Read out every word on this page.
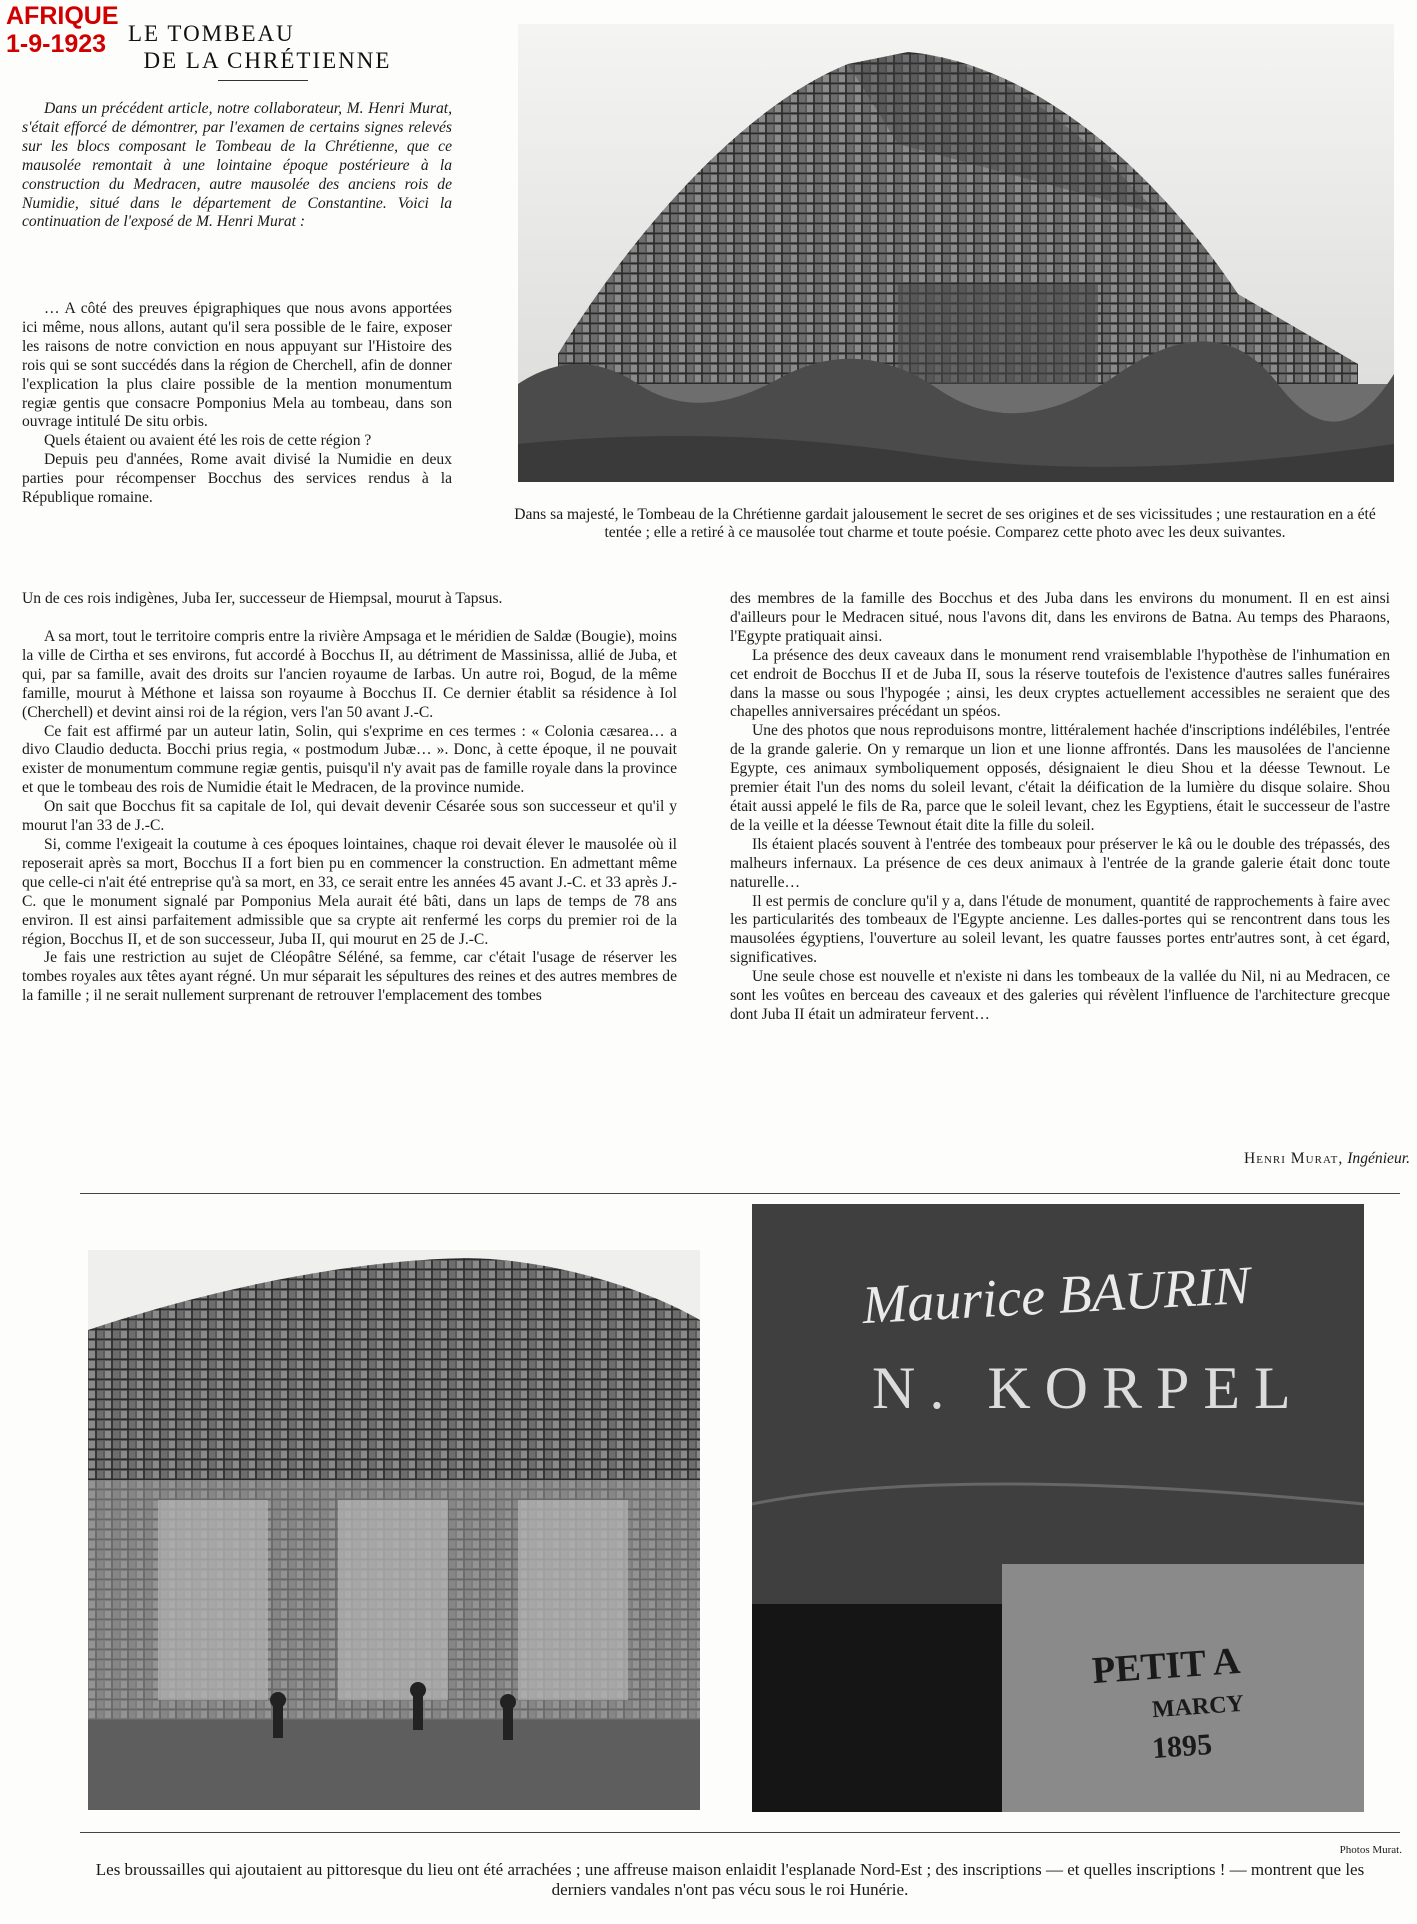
AFRIQUE
1-9-1923 LE TOMBEAU
DE LA CHRÉTIENNE

Dans un précédent article, notre collaborateur, M. Henri Murat, s'était efforcé de démontrer, par l'examen de certains signes relevés sur les blocs composant le Tombeau de la Chrétienne, que ce mausolée remontait à une lointaine époque postérieure à la construction du Medracen, autre mausolée des anciens rois de Numidie, situé dans le département de Constantine. Voici la continuation de l'exposé de M. Henri Murat :

… A côté des preuves épigraphiques que nous avons apportées ici même, nous allons, autant qu'il sera possible de le faire, exposer les raisons de notre conviction en nous appuyant sur l'Histoire des rois qui se sont succédés dans la région de Cherchell, afin de donner l'explication la plus claire possible de la mention monumentum regiæ gentis que consacre Pomponius Mela au tombeau, dans son ouvrage intitulé De situ orbis.

Quels étaient ou avaient été les rois de cette région ?

Depuis peu d'années, Rome avait divisé la Numidie en deux parties pour récompenser Bocchus des services rendus à la République romaine.

Un de ces rois indigènes, Juba Ier, successeur de Hiempsal, mourut à Tapsus.

A sa mort, tout le territoire compris entre la rivière Ampsaga et le méridien de Saldæ (Bougie), moins la ville de Cirtha et ses environs, fut accordé à Bocchus II, au détriment de Massinissa, allié de Juba, et qui, par sa famille, avait des droits sur l'ancien royaume de Iarbas. Un autre roi, Bogud, de la même famille, mourut à Méthone et laissa son royaume à Bocchus II. Ce dernier établit sa résidence à Iol (Cherchell) et devint ainsi roi de la région, vers l'an 50 avant J.-C.

Ce fait est affirmé par un auteur latin, Solin, qui s'exprime en ces termes : « Colonia cæsarea… a divo Claudio deducta. Bocchi prius regia, « postmodum Jubæ… ». Donc, à cette époque, il ne pouvait exister de monumentum commune regiæ gentis, puisqu'il n'y avait pas de famille royale dans la province et que le tombeau des rois de Numidie était le Medracen, de la province numide.

On sait que Bocchus fit sa capitale de Iol, qui devait devenir Césarée sous son successeur et qu'il y mourut l'an 33 de J.-C.

Si, comme l'exigeait la coutume à ces époques lointaines, chaque roi devait élever le mausolée où il reposerait après sa mort, Bocchus II a fort bien pu en commencer la construction. En admettant même que celle-ci n'ait été entreprise qu'à sa mort, en 33, ce serait entre les années 45 avant J.-C. et 33 après J.-C. que le monument signalé par Pomponius Mela aurait été bâti, dans un laps de temps de 78 ans environ. Il est ainsi parfaitement admissible que sa crypte ait renfermé les corps du premier roi de la région, Bocchus II, et de son successeur, Juba II, qui mourut en 25 de J.-C.

Je fais une restriction au sujet de Cléopâtre Séléné, sa femme, car c'était l'usage de réserver les tombes royales aux têtes ayant régné. Un mur séparait les sépultures des reines et des autres membres de la famille ; il ne serait nullement surprenant de retrouver l'emplacement des tombes

des membres de la famille des Bocchus et des Juba dans les environs du monument. Il en est ainsi d'ailleurs pour le Medracen situé, nous l'avons dit, dans les environs de Batna. Au temps des Pharaons, l'Egypte pratiquait ainsi.

La présence des deux caveaux dans le monument rend vraisemblable l'hypothèse de l'inhumation en cet endroit de Bocchus II et de Juba II, sous la réserve toutefois de l'existence d'autres salles funéraires dans la masse ou sous l'hypogée ; ainsi, les deux cryptes actuellement accessibles ne seraient que des chapelles anniversaires précédant un spéos.

Une des photos que nous reproduisons montre, littéralement hachée d'inscriptions indélébiles, l'entrée de la grande galerie. On y remarque un lion et une lionne affrontés. Dans les mausolées de l'ancienne Egypte, ces animaux symboliquement opposés, désignaient le dieu Shou et la déesse Tewnout. Le premier était l'un des noms du soleil levant, c'était la déification de la lumière du disque solaire. Shou était aussi appelé le fils de Ra, parce que le soleil levant, chez les Egyptiens, était le successeur de l'astre de la veille et la déesse Tewnout était dite la fille du soleil.

Ils étaient placés souvent à l'entrée des tombeaux pour préserver le kâ ou le double des trépassés, des malheurs infernaux. La présence de ces deux animaux à l'entrée de la grande galerie était donc toute naturelle…

Il est permis de conclure qu'il y a, dans l'étude de monument, quantité de rapprochements à faire avec les particularités des tombeaux de l'Egypte ancienne. Les dalles-portes qui se rencontrent dans tous les mausolées égyptiens, l'ouverture au soleil levant, les quatre fausses portes entr'autres sont, à cet égard, significatives.

Une seule chose est nouvelle et n'existe ni dans les tombeaux de la vallée du Nil, ni au Medracen, ce sont les voûtes en berceau des caveaux et des galeries qui révèlent l'influence de l'architecture grecque dont Juba II était un admirateur fervent…

Henri Murat, Ingénieur.
Dans sa majesté, le Tombeau de la Chrétienne gardait jalousement le secret de ses origines et de ses vicissitudes ; une restauration en a été tentée ; elle a retiré à ce mausolée tout charme et toute poésie. Comparez cette photo avec les deux suivantes.
Maurice BAURIN
N. KORPEL
PETIT A
MARCY
1895
Photos Murat.
Les broussailles qui ajoutaient au pittoresque du lieu ont été arrachées ; une affreuse maison enlaidit l'esplanade Nord-Est ; des inscriptions — et quelles inscriptions ! — montrent que les derniers vandales n'ont pas vécu sous le roi Hunérie.
